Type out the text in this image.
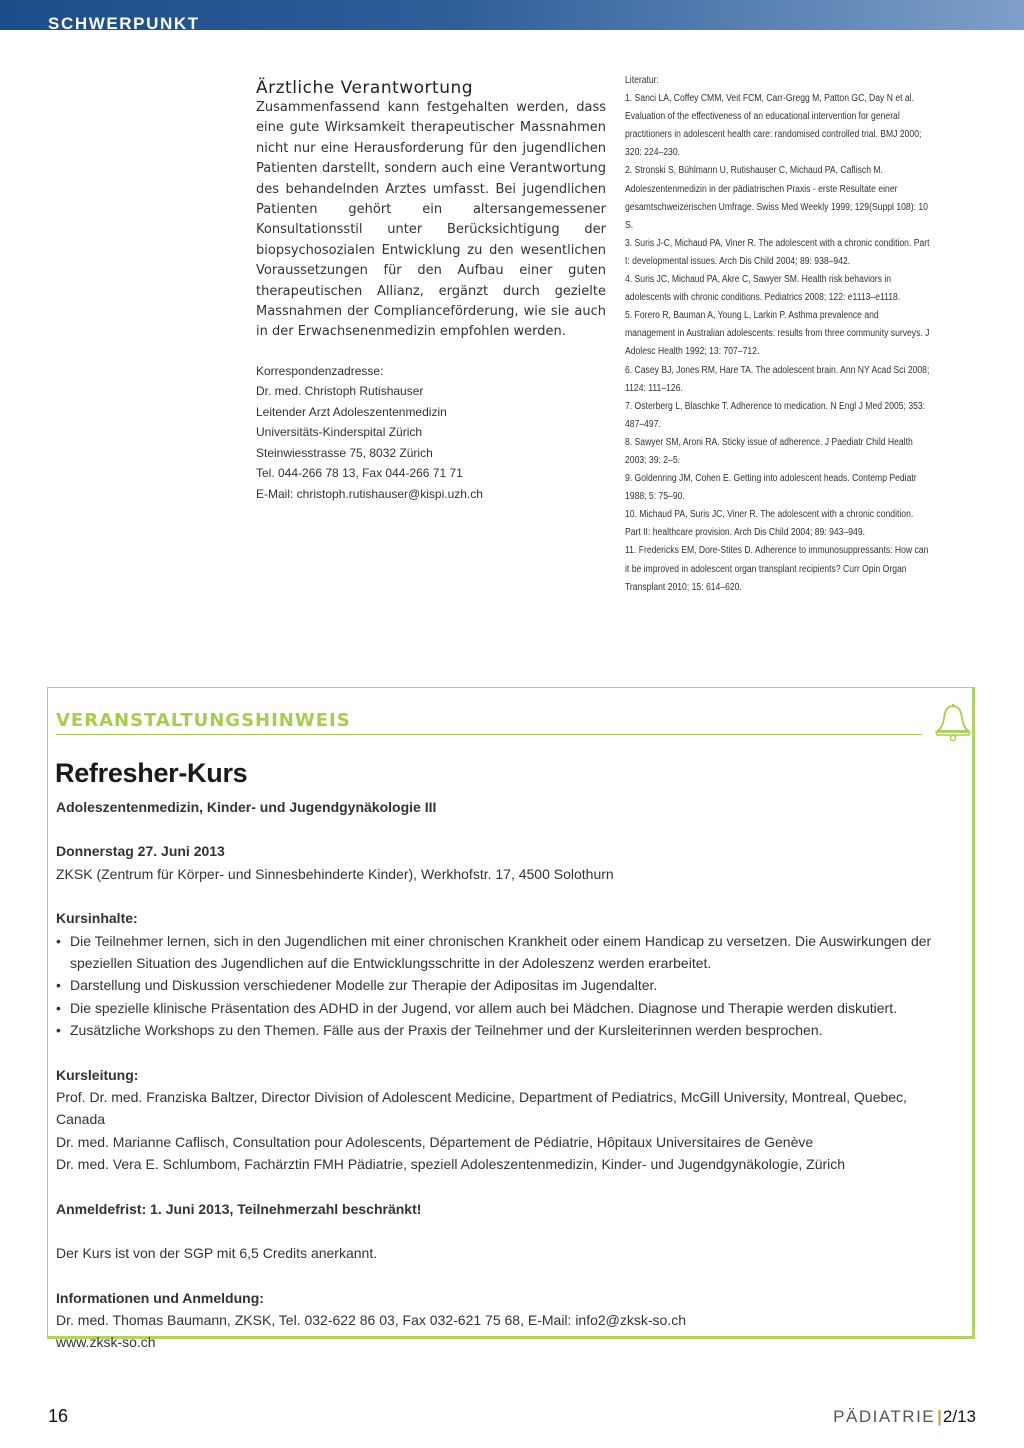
SCHWERPUNKT
Ärztliche Verantwortung

Zusammenfassend kann festgehalten werden, dass eine gute Wirksamkeit therapeutischer Massnahmen nicht nur eine Herausforderung für den jugendlichen Patienten darstellt, sondern auch eine Verantwortung des behandelnden Arztes umfasst. Bei jugendlichen Patienten gehört ein altersangemessener Konsultationsstil unter Berücksichtigung der biopsychosozialen Entwicklung zu den wesentlichen Voraussetzungen für den Aufbau einer guten therapeutischen Allianz, ergänzt durch gezielte Massnahmen der Complianceförderung, wie sie auch in der Erwachsenenmedizin empfohlen werden.

Korrespondenzadresse:
Dr. med. Christoph Rutishauser
Leitender Arzt Adoleszentenmedizin
Universitäts-Kinderspital Zürich
Steinwiesstrasse 75, 8032 Zürich
Tel. 044-266 78 13, Fax 044-266 71 71
E-Mail: christoph.rutishauser@kispi.uzh.ch
Literatur:
1. Sanci LA, Coffey CMM, Veit FCM, Carr-Gregg M, Patton GC, Day N et al. Evaluation of the effectiveness of an educational intervention for general practitioners in adolescent health care: randomised controlled trial. BMJ 2000; 320: 224–230.
2. Stronski S, Bühlmann U, Rutishauser C, Michaud PA, Caflisch M. Adoleszentenmedizin in der pädiatrischen Praxis - erste Resultate einer gesamtschweizerischen Umfrage. Swiss Med Weekly 1999; 129(Suppl 108): 10 S.
3. Suris J-C, Michaud PA, Viner R. The adolescent with a chronic condition. Part I: developmental issues. Arch Dis Child 2004; 89: 938–942.
4. Suris JC, Michaud PA, Akre C, Sawyer SM. Health risk behaviors in adolescents with chronic conditions. Pediatrics 2008; 122: e1113–e1118.
5. Forero R, Bauman A, Young L, Larkin P. Asthma prevalence and management in Australian adolescents: results from three community surveys. J Adolesc Health 1992; 13: 707–712.
6. Casey BJ, Jones RM, Hare TA. The adolescent brain. Ann NY Acad Sci 2008; 1124: 111–126.
7. Osterberg L, Blaschke T. Adherence to medication. N Engl J Med 2005; 353: 487–497.
8. Sawyer SM, Aroni RA. Sticky issue of adherence. J Paediatr Child Health 2003; 39: 2–5.
9. Goldenring JM, Cohen E. Getting into adolescent heads. Contemp Pediatr 1988; 5: 75–90.
10. Michaud PA, Suris JC, Viner R. The adolescent with a chronic condition. Part II: healthcare provision. Arch Dis Child 2004; 89: 943–949.
11. Fredericks EM, Dore-Stites D. Adherence to immunosuppressants: How can it be improved in adolescent organ transplant recipients? Curr Opin Organ Transplant 2010; 15: 614–620.
VERANSTALTUNGSHINWEIS
Refresher-Kurs
Adoleszentenmedizin, Kinder- und Jugendgynäkologie III
Donnerstag 27. Juni 2013
ZKSK (Zentrum für Körper- und Sinnesbehinderte Kinder), Werkhofstr. 17, 4500 Solothurn
Kursinhalte:
• Die Teilnehmer lernen, sich in den Jugendlichen mit einer chronischen Krankheit oder einem Handicap zu versetzen. Die Auswirkungen der speziellen Situation des Jugendlichen auf die Entwicklungsschritte in der Adoleszenz werden erarbeitet.
• Darstellung und Diskussion verschiedener Modelle zur Therapie der Adipositas im Jugendalter.
• Die spezielle klinische Präsentation des ADHD in der Jugend, vor allem auch bei Mädchen. Diagnose und Therapie werden diskutiert.
• Zusätzliche Workshops zu den Themen. Fälle aus der Praxis der Teilnehmer und der Kursleiterinnen werden besprochen.
Kursleitung:
Prof. Dr. med. Franziska Baltzer, Director Division of Adolescent Medicine, Department of Pediatrics, McGill University, Montreal, Quebec, Canada
Dr. med. Marianne Caflisch, Consultation pour Adolescents, Département de Pédiatrie, Hôpitaux Universitaires de Genève
Dr. med. Vera E. Schlumbom, Fachärztin FMH Pädiatrie, speziell Adoleszentenmedizin, Kinder- und Jugendgynäkologie, Zürich
Anmeldefrist: 1. Juni 2013, Teilnehmerzahl beschränkt!
Der Kurs ist von der SGP mit 6,5 Credits anerkannt.
Informationen und Anmeldung:
Dr. med. Thomas Baumann, ZKSK, Tel. 032-622 86 03, Fax 032-621 75 68, E-Mail: info2@zksk-so.ch
www.zksk-so.ch
16	PÄDIATRIE |2/13
